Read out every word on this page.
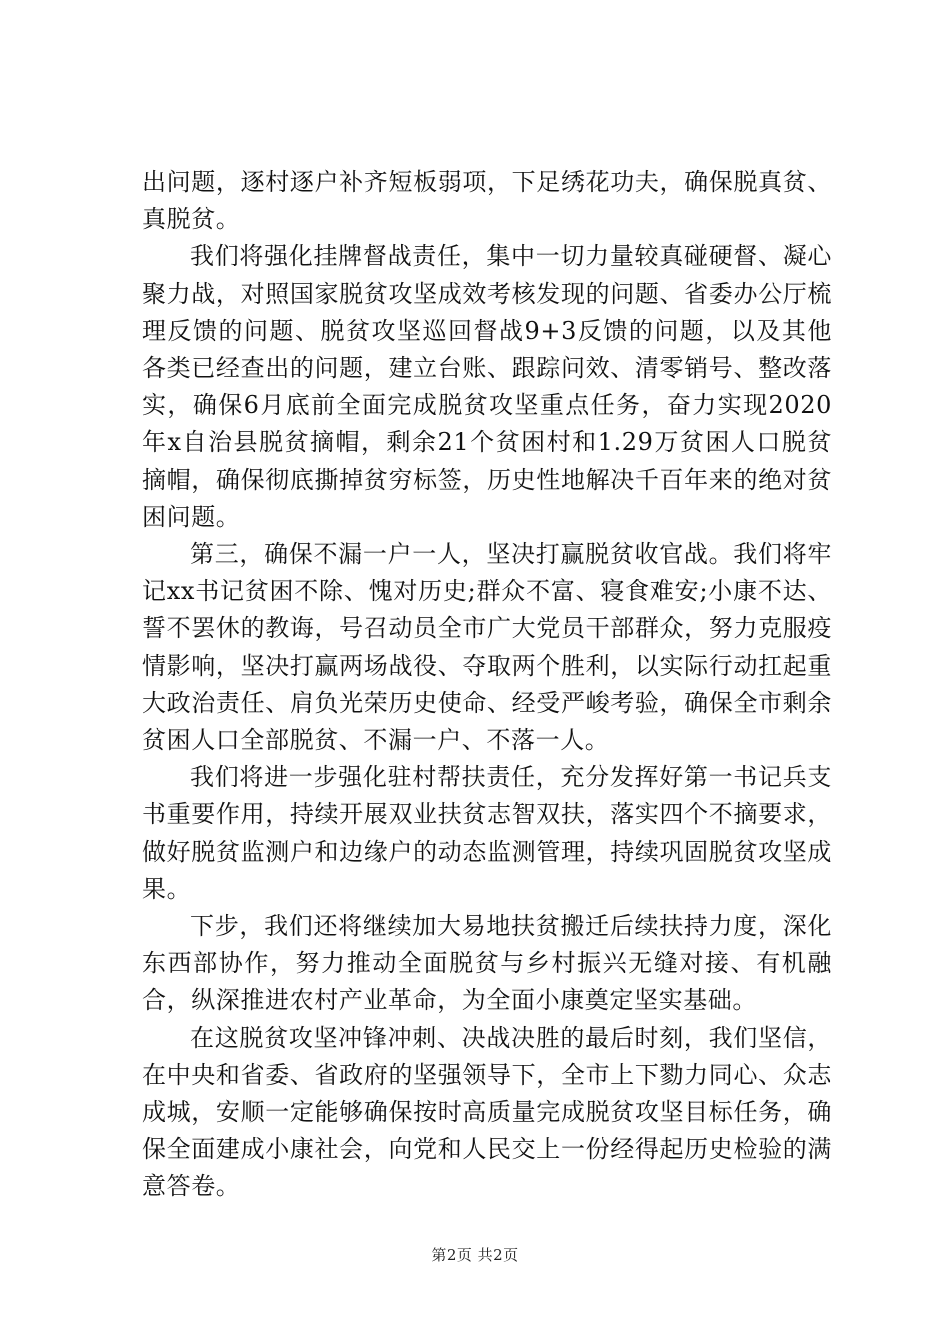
出问题，逐村逐户补齐短板弱项，下足绣花功夫，确保脱真贫、真脱贫。

我们将强化挂牌督战责任，集中一切力量较真碰硬督、凝心聚力战，对照国家脱贫攻坚成效考核发现的问题、省委办公厅梳理反馈的问题、脱贫攻坚巡回督战9+3反馈的问题，以及其他各类已经查出的问题，建立台账、跟踪问效、清零销号、整改落实，确保6月底前全面完成脱贫攻坚重点任务，奋力实现2020年x自治县脱贫摘帽，剩余21个贫困村和1.29万贫困人口脱贫摘帽，确保彻底撕掉贫穷标签，历史性地解决千百年来的绝对贫困问题。

第三，确保不漏一户一人，坚决打赢脱贫收官战。我们将牢记xx书记贫困不除、愧对历史;群众不富、寝食难安;小康不达、誓不罢休的教诲，号召动员全市广大党员干部群众，努力克服疫情影响，坚决打赢两场战役、夺取两个胜利，以实际行动扛起重大政治责任、肩负光荣历史使命、经受严峻考验，确保全市剩余贫困人口全部脱贫、不漏一户、不落一人。

我们将进一步强化驻村帮扶责任，充分发挥好第一书记兵支书重要作用，持续开展双业扶贫志智双扶，落实四个不摘要求，做好脱贫监测户和边缘户的动态监测管理，持续巩固脱贫攻坚成果。

下步，我们还将继续加大易地扶贫搬迁后续扶持力度，深化东西部协作，努力推动全面脱贫与乡村振兴无缝对接、有机融合，纵深推进农村产业革命，为全面小康奠定坚实基础。

在这脱贫攻坚冲锋冲刺、决战决胜的最后时刻，我们坚信，在中央和省委、省政府的坚强领导下，全市上下勠力同心、众志成城，安顺一定能够确保按时高质量完成脱贫攻坚目标任务，确保全面建成小康社会，向党和人民交上一份经得起历史检验的满意答卷。

第2页 共2页
